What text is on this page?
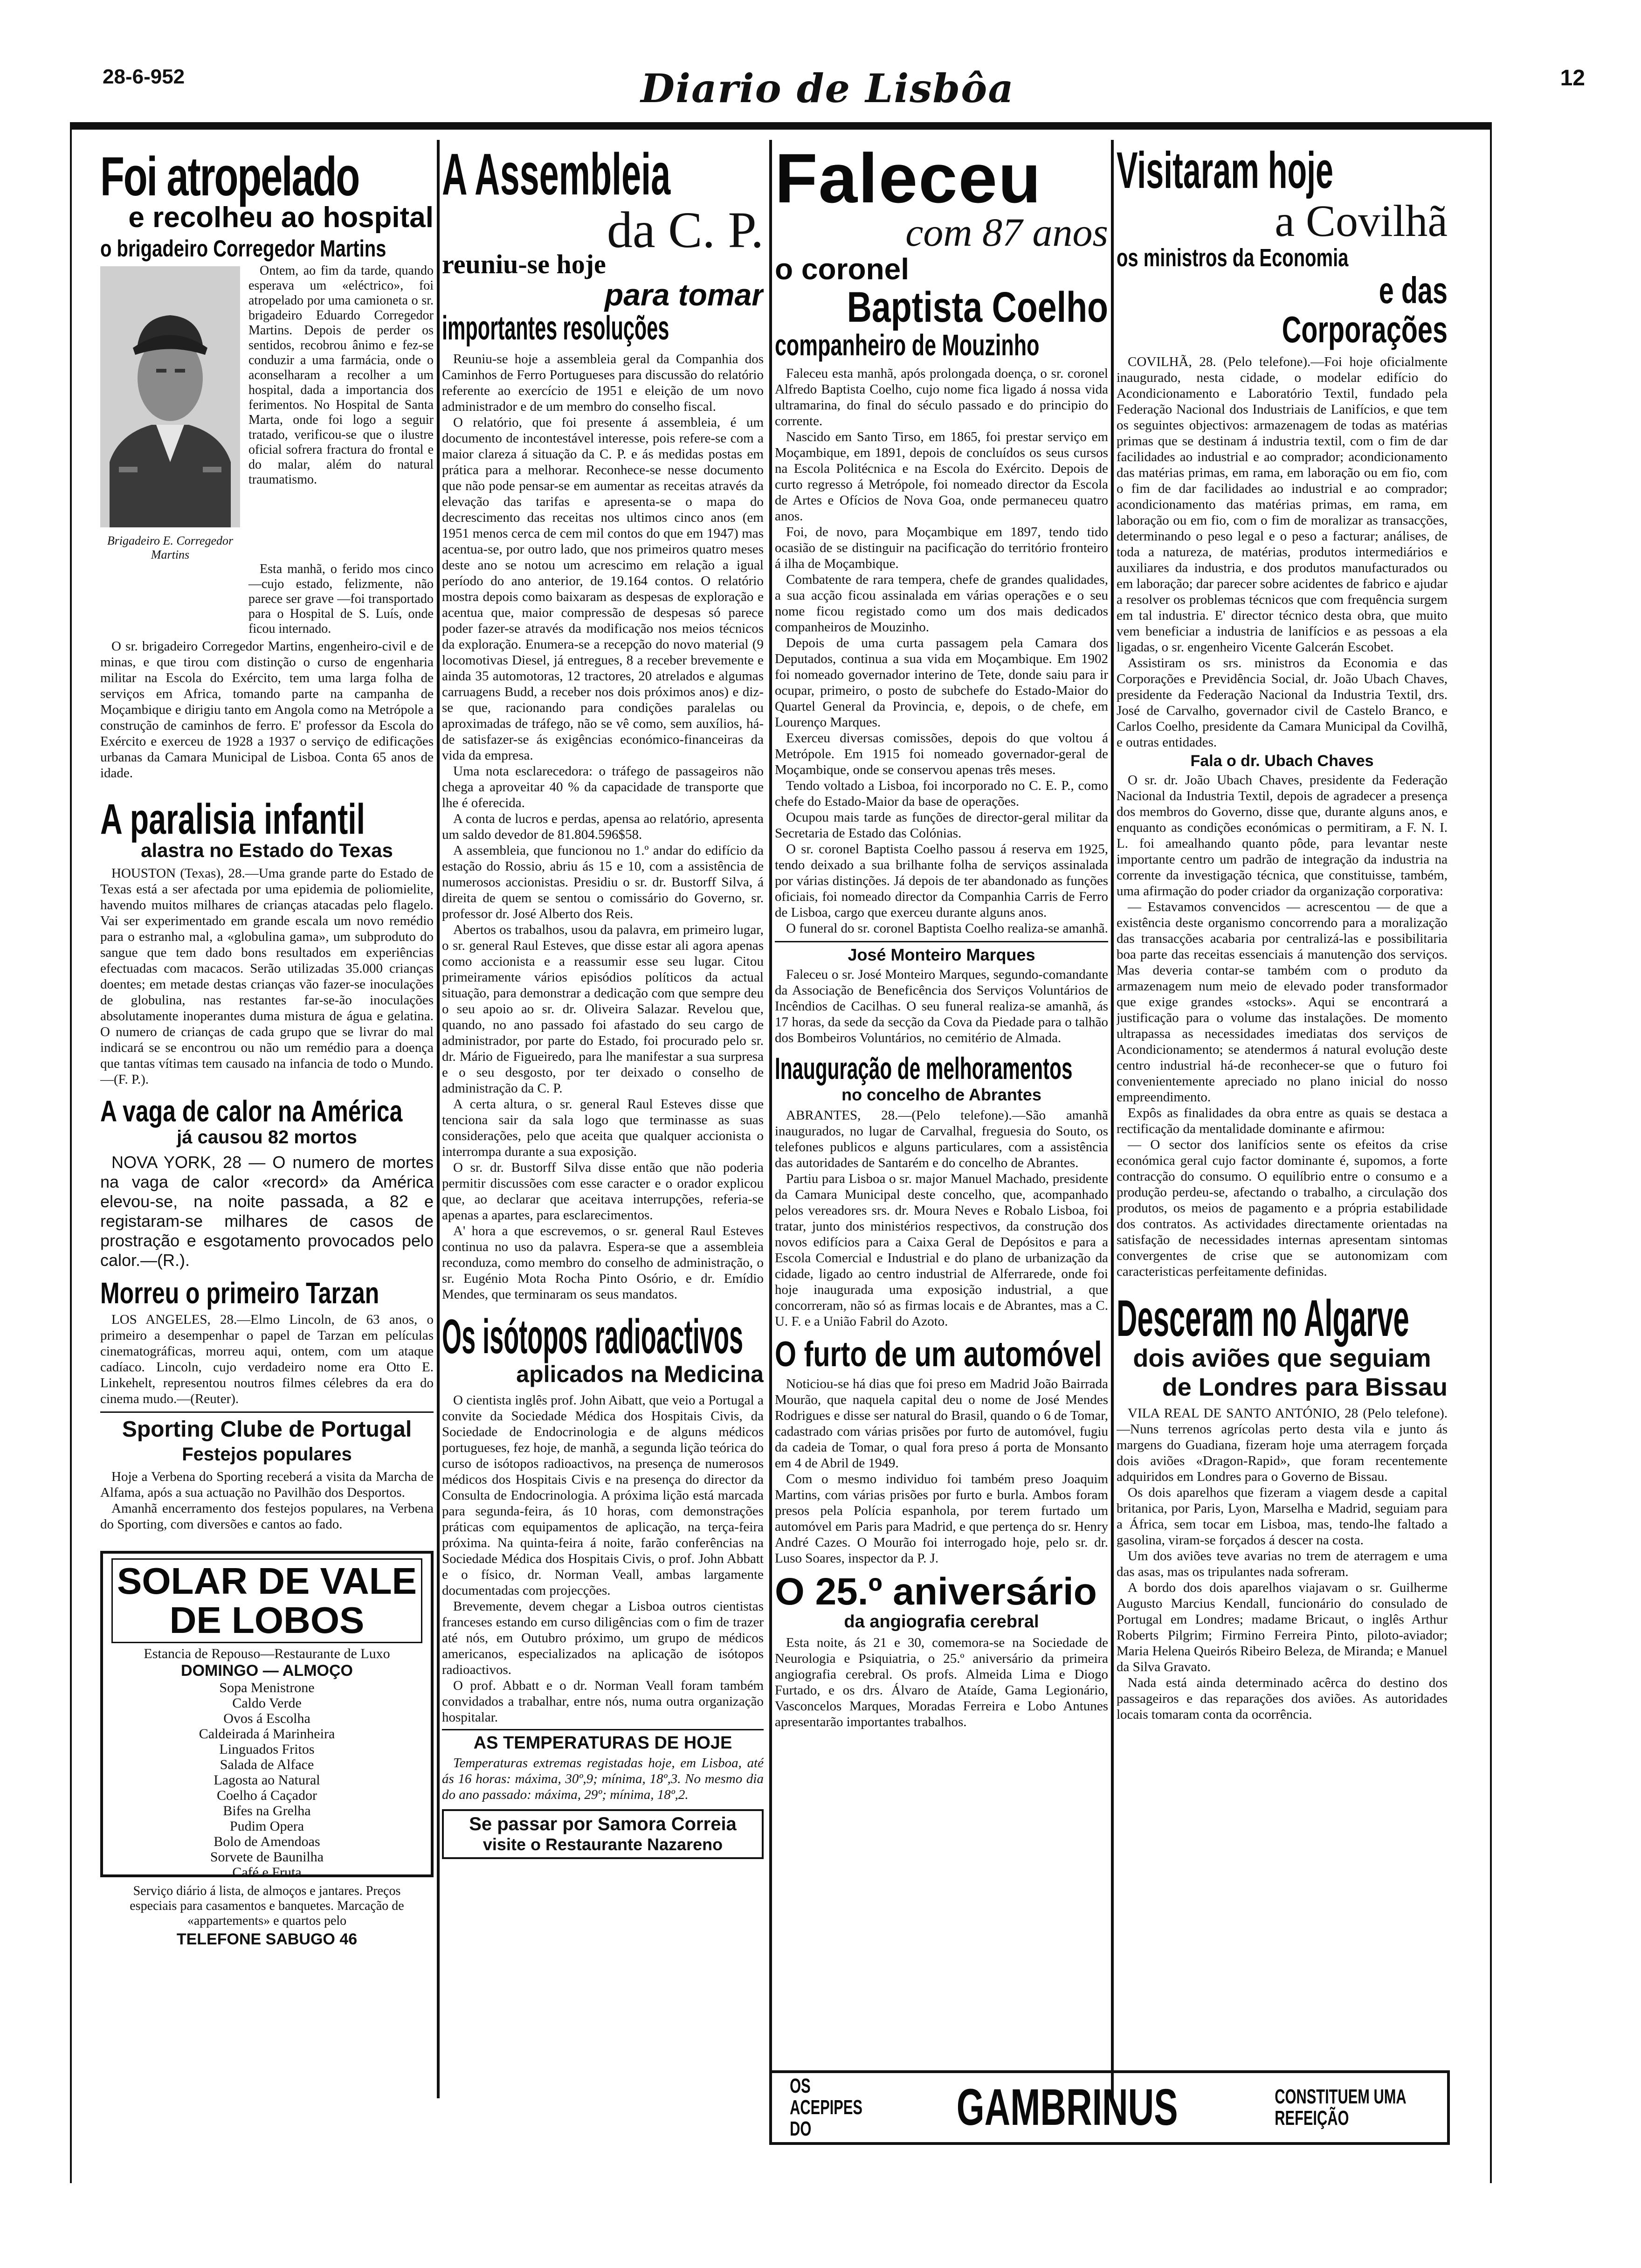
28-6-952	Diario de Lisbôa	12
Foi atropelado
e recolheu ao hospital
o brigadeiro Corregedor Martins

Ontem, ao fim da tarde, quando esperava um «eléctrico», foi atropelado por uma camioneta o sr. brigadeiro Eduardo Corregedor Martins. Depois de perder os sentidos, recobrou ânimo e fez-se conduzir a uma farmácia, onde o aconselharam a recolher a um hospital, dada a importancia dos ferimentos. No Hospital de Santa Marta, onde foi logo a seguir tratado, verificou-se que o ilustre oficial sofrera fractura do frontal e do malar, além do natural traumatismo.

Brigadeiro E. Corregedor Martins

Esta manhã, o ferido mos cinco —cujo estado, felizmente, não parece ser grave —foi transportado para o Hospital de S. Luís, onde ficou internado.

O sr. brigadeiro Corregedor Martins, engenheiro-civil e de minas, e que tirou com distinção o curso de engenharia militar na Escola do Exército, tem uma larga folha de serviços em Africa, tomando parte na campanha de Moçambique e dirigiu tanto em Angola como na Metrópole a construção de caminhos de ferro. E' professor da Escola do Exército e exerceu de 1928 a 1937 o serviço de edificações urbanas da Camara Municipal de Lisboa. Conta 65 anos de idade.

A paralisia infantil
alastra no Estado do Texas

HOUSTON (Texas), 28.—Uma grande parte do Estado de Texas está a ser afectada por uma epidemia de poliomielite, havendo muitos milhares de crianças atacadas pelo flagelo. Vai ser experimentado em grande escala um novo remédio para o estranho mal, a «globulina gama», um subproduto do sangue que tem dado bons resultados em experiências efectuadas com macacos. Serão utilizadas 35.000 crianças doentes; em metade destas crianças vão fazer-se inoculações de globulina, nas restantes far-se-ão inoculações absolutamente inoperantes duma mistura de água e gelatina. O numero de crianças de cada grupo que se livrar do mal indicará se se encontrou ou não um remédio para a doença que tantas vítimas tem causado na infancia de todo o Mundo.—(F. P.).

A vaga de calor na América
já causou 82 mortos

NOVA YORK, 28 — O numero de mortes na vaga de calor «record» da América elevou-se, na noite passada, a 82 e registaram-se milhares de casos de prostração e esgotamento provocados pelo calor.—(R.).

Morreu o primeiro Tarzan

LOS ANGELES, 28.—Elmo Lincoln, de 63 anos, o primeiro a desempenhar o papel de Tarzan em películas cinematográficas, morreu aqui, ontem, com um ataque cadíaco. Lincoln, cujo verdadeiro nome era Otto E. Linkehelt, representou noutros filmes célebres da era do cinema mudo.—(Reuter).

Sporting Clube de Portugal
Festejos populares

Hoje a Verbena do Sporting receberá a visita da Marcha de Alfama, após a sua actuação no Pavilhão dos Desportos.

Amanhã encerramento dos festejos populares, na Verbena do Sporting, com diversões e cantos ao fado.

SOLAR DE VALE DE LOBOS
Estancia de Repouso—Restaurante de Luxo
DOMINGO — ALMOÇO
Sopa Menistrone
Caldo Verde
Ovos á Escolha
Caldeirada á Marinheira
Linguados Fritos
Salada de Alface
Lagosta ao Natural
Coelho á Caçador
Bifes na Grelha
Pudim Opera
Bolo de Amendoas
Sorvete de Baunilha
Café e Fruta
Serviço diário á lista, de almoços e jantares. Preços especiais para casamentos e banquetes. Marcação de «appartements» e quartos pelo
TELEFONE SABUGO 46
A Assembleia
da C. P.
reuniu-se hoje
para tomar
importantes resoluções

Reuniu-se hoje a assembleia geral da Companhia dos Caminhos de Ferro Portugueses para discussão do relatório referente ao exercício de 1951 e eleição de um novo administrador e de um membro do conselho fiscal.

O relatório, que foi presente á assembleia, é um documento de incontestável interesse, pois refere-se com a maior clareza á situação da C. P. e ás medidas postas em prática para a melhorar. Reconhece-se nesse documento que não pode pensar-se em aumentar as receitas através da elevação das tarifas e apresenta-se o mapa do decrescimento das receitas nos ultimos cinco anos (em 1951 menos cerca de cem mil contos do que em 1947) mas acentua-se, por outro lado, que nos primeiros quatro meses deste ano se notou um acrescimo em relação a igual período do ano anterior, de 19.164 contos. O relatório mostra depois como baixaram as despesas de exploração e acentua que, maior compressão de despesas só parece poder fazer-se através da modificação nos meios técnicos da exploração. Enumera-se a recepção do novo material (9 locomotivas Diesel, já entregues, 8 a receber brevemente e ainda 35 automotoras, 12 tractores, 20 atrelados e algumas carruagens Budd, a receber nos dois próximos anos) e diz-se que, racionando para condições paralelas ou aproximadas de tráfego, não se vê como, sem auxílios, há-de satisfazer-se ás exigências económico-financeiras da vida da empresa.

Uma nota esclarecedora: o tráfego de passageiros não chega a aproveitar 40 % da capacidade de transporte que lhe é oferecida.

A conta de lucros e perdas, apensa ao relatório, apresenta um saldo devedor de 81.804.596$58.

A assembleia, que funcionou no 1.º andar do edifício da estação do Rossio, abriu ás 15 e 10, com a assistência de numerosos accionistas. Presidiu o sr. dr. Bustorff Silva, á direita de quem se sentou o comissário do Governo, sr. professor dr. José Alberto dos Reis.

Abertos os trabalhos, usou da palavra, em primeiro lugar, o sr. general Raul Esteves, que disse estar ali agora apenas como accionista e a reassumir esse seu lugar. Citou primeiramente vários episódios políticos da actual situação, para demonstrar a dedicação com que sempre deu o seu apoio ao sr. dr. Oliveira Salazar. Revelou que, quando, no ano passado foi afastado do seu cargo de administrador, por parte do Estado, foi procurado pelo sr. dr. Mário de Figueiredo, para lhe manifestar a sua surpresa e o seu desgosto, por ter deixado o conselho de administração da C. P.

A certa altura, o sr. general Raul Esteves disse que tenciona sair da sala logo que terminasse as suas considerações, pelo que aceita que qualquer accionista o interrompa durante a sua exposição.

O sr. dr. Bustorff Silva disse então que não poderia permitir discussões com esse caracter e o orador explicou que, ao declarar que aceitava interrupções, referia-se apenas a apartes, para esclarecimentos.

A' hora a que escrevemos, o sr. general Raul Esteves continua no uso da palavra. Espera-se que a assembleia reconduza, como membro do conselho de administração, o sr. Eugénio Mota Rocha Pinto Osório, e dr. Emídio Mendes, que terminaram os seus mandatos.

Os isótopos radioactivos
aplicados na Medicina

O cientista inglês prof. John Aibatt, que veio a Portugal a convite da Sociedade Médica dos Hospitais Civis, da Sociedade de Endocrinologia e de alguns médicos portugueses, fez hoje, de manhã, a segunda lição teórica do curso de isótopos radioactivos, na presença de numerosos médicos dos Hospitais Civis e na presença do director da Consulta de Endocrinologia. A próxima lição está marcada para segunda-feira, ás 10 horas, com demonstrações práticas com equipamentos de aplicação, na terça-feira próxima. Na quinta-feira á noite, farão conferências na Sociedade Médica dos Hospitais Civis, o prof. John Abbatt e o físico, dr. Norman Veall, ambas largamente documentadas com projecções.

Brevemente, devem chegar a Lisboa outros cientistas franceses estando em curso diligências com o fim de trazer até nós, em Outubro próximo, um grupo de médicos americanos, especializados na aplicação de isótopos radioactivos.

O prof. Abbatt e o dr. Norman Veall foram também convidados a trabalhar, entre nós, numa outra organização hospitalar.

AS TEMPERATURAS DE HOJE

Temperaturas extremas registadas hoje, em Lisboa, até ás 16 horas: máxima, 30º,9; mínima, 18º,3. No mesmo dia do ano passado: máxima, 29º; mínima, 18º,2.

Se passar por Samora Correia
visite o Restaurante Nazareno
Faleceu
com 87 anos
o coronel
Baptista Coelho
companheiro de Mouzinho

Faleceu esta manhã, após prolongada doença, o sr. coronel Alfredo Baptista Coelho, cujo nome fica ligado á nossa vida ultramarina, do final do século passado e do principio do corrente.

Nascido em Santo Tirso, em 1865, foi prestar serviço em Moçambique, em 1891, depois de concluídos os seus cursos na Escola Politécnica e na Escola do Exército. Depois de curto regresso á Metrópole, foi nomeado director da Escola de Artes e Ofícios de Nova Goa, onde permaneceu quatro anos.

Foi, de novo, para Moçambique em 1897, tendo tido ocasião de se distinguir na pacificação do território fronteiro á ilha de Moçambique.

Combatente de rara tempera, chefe de grandes qualidades, a sua acção ficou assinalada em várias operações e o seu nome ficou registado como um dos mais dedicados companheiros de Mouzinho.

Depois de uma curta passagem pela Camara dos Deputados, continua a sua vida em Moçambique. Em 1902 foi nomeado governador interino de Tete, donde saiu para ir ocupar, primeiro, o posto de subchefe do Estado-Maior do Quartel General da Provincia, e, depois, o de chefe, em Lourenço Marques.

Exerceu diversas comissões, depois do que voltou á Metrópole. Em 1915 foi nomeado governador-geral de Moçambique, onde se conservou apenas três meses.

Tendo voltado a Lisboa, foi incorporado no C. E. P., como chefe do Estado-Maior da base de operações.

Ocupou mais tarde as funções de director-geral militar da Secretaria de Estado das Colónias.

O sr. coronel Baptista Coelho passou á reserva em 1925, tendo deixado a sua brilhante folha de serviços assinalada por várias distinções. Já depois de ter abandonado as funções oficiais, foi nomeado director da Companhia Carris de Ferro de Lisboa, cargo que exerceu durante alguns anos.

O funeral do sr. coronel Baptista Coelho realiza-se amanhã.

José Monteiro Marques

Faleceu o sr. José Monteiro Marques, segundo-comandante da Associação de Beneficência dos Serviços Voluntários de Incêndios de Cacilhas. O seu funeral realiza-se amanhã, ás 17 horas, da sede da secção da Cova da Piedade para o talhão dos Bombeiros Voluntários, no cemitério de Almada.

Inauguração de melhoramentos
no concelho de Abrantes

ABRANTES, 28.—(Pelo telefone).—São amanhã inaugurados, no lugar de Carvalhal, freguesia do Souto, os telefones publicos e alguns particulares, com a assistência das autoridades de Santarém e do concelho de Abrantes.

Partiu para Lisboa o sr. major Manuel Machado, presidente da Camara Municipal deste concelho, que, acompanhado pelos vereadores srs. dr. Moura Neves e Robalo Lisboa, foi tratar, junto dos ministérios respectivos, da construção dos novos edifícios para a Caixa Geral de Depósitos e para a Escola Comercial e Industrial e do plano de urbanização da cidade, ligado ao centro industrial de Alferrarede, onde foi hoje inaugurada uma exposição industrial, a que concorreram, não só as firmas locais e de Abrantes, mas a C. U. F. e a União Fabril do Azoto.

O furto de um automóvel

Noticiou-se há dias que foi preso em Madrid João Bairrada Mourão, que naquela capital deu o nome de José Mendes Rodrigues e disse ser natural do Brasil, quando o 6 de Tomar, cadastrado com várias prisões por furto de automóvel, fugiu da cadeia de Tomar, o qual fora preso á porta de Monsanto em 4 de Abril de 1949.

Com o mesmo individuo foi também preso Joaquim Martins, com várias prisões por furto e burla. Ambos foram presos pela Polícia espanhola, por terem furtado um automóvel em Paris para Madrid, e que pertença do sr. Henry André Cazes. O Mourão foi interrogado hoje, pelo sr. dr. Luso Soares, inspector da P. J.

O 25.º aniversário
da angiografia cerebral

Esta noite, ás 21 e 30, comemora-se na Sociedade de Neurologia e Psiquiatria, o 25.º aniversário da primeira angiografia cerebral. Os profs. Almeida Lima e Diogo Furtado, e os drs. Álvaro de Ataíde, Gama Legionário, Vasconcelos Marques, Moradas Ferreira e Lobo Antunes apresentarão importantes trabalhos.

Visitaram hoje
a Covilhã
os ministros da Economia
e das Corporações

COVILHÃ, 28. (Pelo telefone).—Foi hoje oficialmente inaugurado, nesta cidade, o modelar edifício do Acondicionamento e Laboratório Textil, fundado pela Federação Nacional dos Industriais de Lanifícios, e que tem os seguintes objectivos: armazenagem de todas as matérias primas que se destinam á industria textil, com o fim de dar facilidades ao industrial e ao comprador; acondicionamento das matérias primas, em rama, em laboração ou em fio, com o fim de dar facilidades ao industrial e ao comprador; acondicionamento das matérias primas, em rama, em laboração ou em fio, com o fim de moralizar as transacções, determinando o peso legal e o peso a facturar; análises, de toda a natureza, de matérias, produtos intermediários e auxiliares da industria, e dos produtos manufacturados ou em laboração; dar parecer sobre acidentes de fabrico e ajudar a resolver os problemas técnicos que com frequência surgem em tal industria. E' director técnico desta obra, que muito vem beneficiar a industria de lanifícios e as pessoas a ela ligadas, o sr. engenheiro Vicente Galcerán Escobet.

Assistiram os srs. ministros da Economia e das Corporações e Previdência Social, dr. João Ubach Chaves, presidente da Federação Nacional da Industria Textil, drs. José de Carvalho, governador civil de Castelo Branco, e Carlos Coelho, presidente da Camara Municipal da Covilhã, e outras entidades.

Fala o dr. Ubach Chaves

O sr. dr. João Ubach Chaves, presidente da Federação Nacional da Industria Textil, depois de agradecer a presença dos membros do Governo, disse que, durante alguns anos, e enquanto as condições económicas o permitiram, a F. N. I. L. foi amealhando quanto pôde, para levantar neste importante centro um padrão de integração da industria na corrente da investigação técnica, que constituisse, também, uma afirmação do poder criador da organização corporativa:

— Estavamos convencidos — acrescentou — de que a existência deste organismo concorrendo para a moralização das transacções acabaria por centralizá-las e possibilitaria boa parte das receitas essenciais á manutenção dos serviços. Mas deveria contar-se também com o produto da armazenagem num meio de elevado poder transformador que exige grandes «stocks». Aqui se encontrará a justificação para o volume das instalações. De momento ultrapassa as necessidades imediatas dos serviços de Acondicionamento; se atendermos á natural evolução deste centro industrial há-de reconhecer-se que o futuro foi convenientemente apreciado no plano inicial do nosso empreendimento.

Expôs as finalidades da obra entre as quais se destaca a rectificação da mentalidade dominante e afirmou:

— O sector dos lanifícios sente os efeitos da crise económica geral cujo factor dominante é, supomos, a forte contracção do consumo. O equilíbrio entre o consumo e a produção perdeu-se, afectando o trabalho, a circulação dos produtos, os meios de pagamento e a própria estabilidade dos contratos. As actividades directamente orientadas na satisfação de necessidades internas apresentam sintomas convergentes de crise que se autonomizam com caracteristicas perfeitamente definidas.

Desceram no Algarve
dois aviões que seguiam
de Londres para Bissau

VILA REAL DE SANTO ANTÓNIO, 28 (Pelo telefone).—Nuns terrenos agrícolas perto desta vila e junto ás margens do Guadiana, fizeram hoje uma aterragem forçada dois aviões «Dragon-Rapid», que foram recentemente adquiridos em Londres para o Governo de Bissau.

Os dois aparelhos que fizeram a viagem desde a capital britanica, por Paris, Lyon, Marselha e Madrid, seguiam para a África, sem tocar em Lisboa, mas, tendo-lhe faltado a gasolina, viram-se forçados á descer na costa.

Um dos aviões teve avarias no trem de aterragem e uma das asas, mas os tripulantes nada sofreram.

A bordo dos dois aparelhos viajavam o sr. Guilherme Augusto Marcius Kendall, funcionário do consulado de Portugal em Londres; madame Bricaut, o inglês Arthur Roberts Pilgrim; Firmino Ferreira Pinto, piloto-aviador; Maria Helena Queirós Ribeiro Beleza, de Miranda; e Manuel da Silva Gravato.

Nada está ainda determinado acêrca do destino dos passageiros e das reparações dos aviões. As autoridades locais tomaram conta da ocorrência.

OS ACEPIPES DO	GAMBRINUS	CONSTITUEM UMA REFEIÇÃO
